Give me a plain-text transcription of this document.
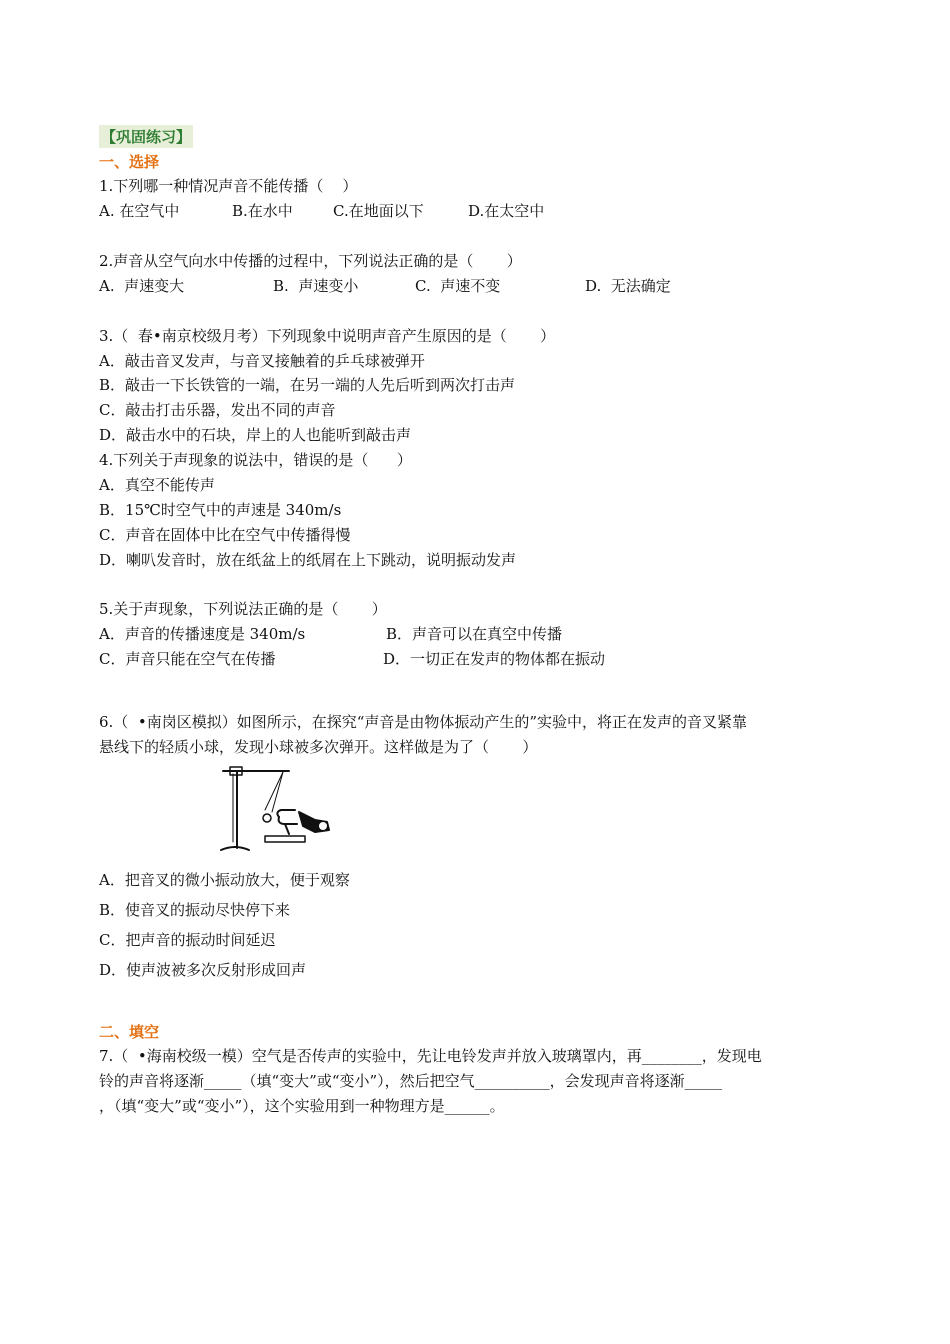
【巩固练习】
一、选择
1.下列哪一种情况声音不能传播（    ）
A. 在空气中	B.在水中	C.在地面以下	D.在太空中
2.声音从空气向水中传播的过程中，下列说法正确的是（       ）
A.  声速变大	B.  声速变小	C.  声速不变	D.  无法确定
3.（  春•南京校级月考）下列现象中说明声音产生原因的是（       ）
A．敲击音叉发声，与音叉接触着的乒乓球被弹开
B．敲击一下长铁管的一端，在另一端的人先后听到两次打击声
C．敲击打击乐器，发出不同的声音
D．敲击水中的石块，岸上的人也能听到敲击声
4.下列关于声现象的说法中，错误的是（      ）
A．真空不能传声
B．15℃时空气中的声速是 340m/s
C．声音在固体中比在空气中传播得慢
D．喇叭发音时，放在纸盆上的纸屑在上下跳动，说明振动发声
5.关于声现象，下列说法正确的是（       ）
A．声音的传播速度是 340m/s	B．声音可以在真空中传播
C．声音只能在空气在传播	D．一切正在发声的物体都在振动
6.（  •南岗区模拟）如图所示，在探究“声音是由物体振动产生的”实验中，将正在发声的音叉紧靠
悬线下的轻质小球，发现小球被多次弹开。这样做是为了（       ）
A．把音叉的微小振动放大，便于观察
B．使音叉的振动尽快停下来
C．把声音的振动时间延迟
D．使声波被多次反射形成回声
二、填空
7.（  •海南校级一模）空气是否传声的实验中，先让电铃发声并放入玻璃罩内，再________，发现电
铃的声音将逐渐_____（填“变大”或“变小”），然后把空气__________，会发现声音将逐渐_____
，（填“变大”或“变小”），这个实验用到一种物理方是______。
